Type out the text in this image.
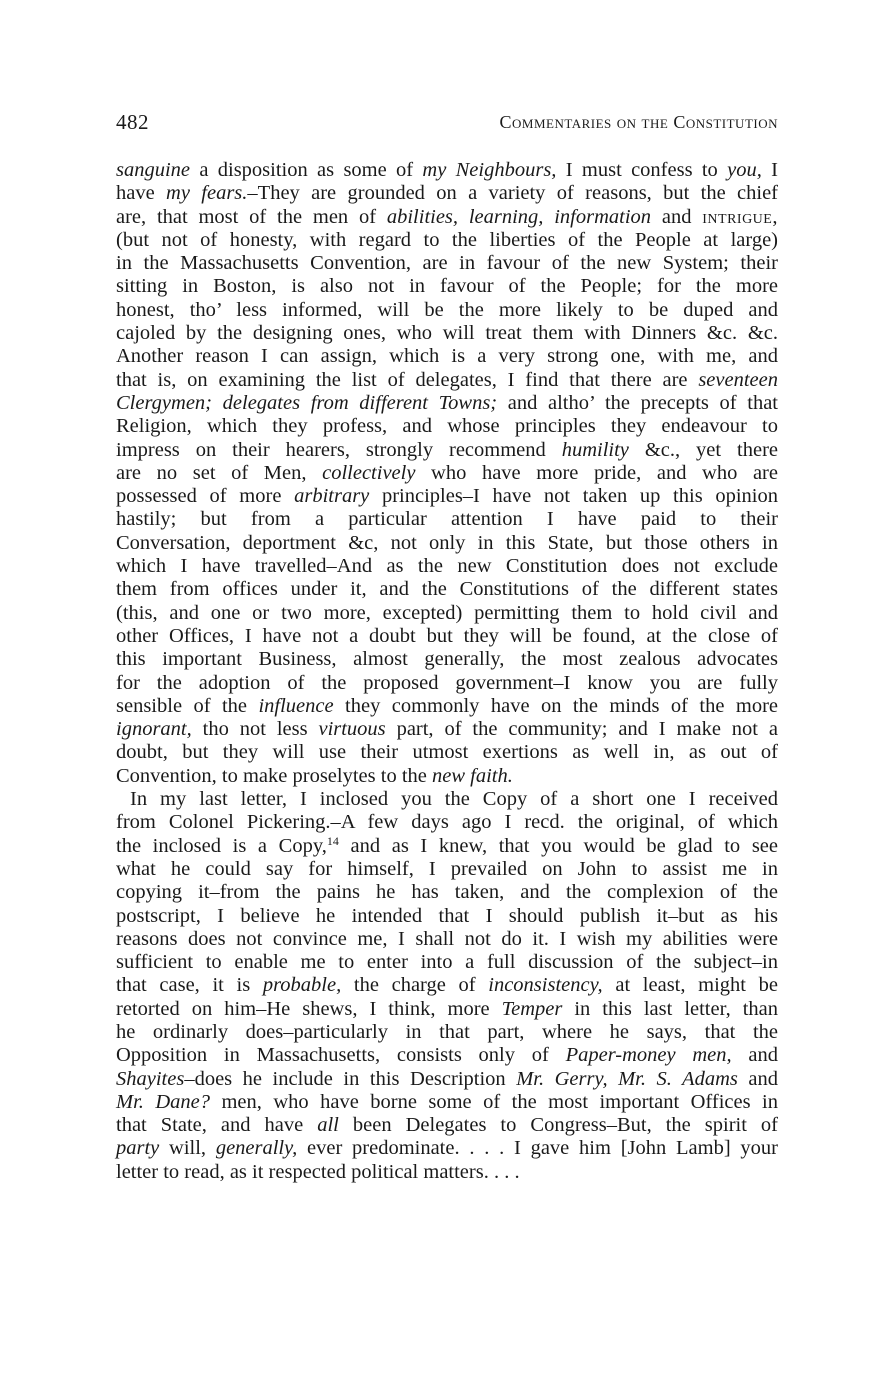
482	Commentaries on the Constitution
sanguine a disposition as some of my Neighbours, I must confess to you, I
have my fears.–They are grounded on a variety of reasons, but the chief
are, that most of the men of abilities, learning, information and intrigue,
(but not of honesty, with regard to the liberties of the People at large)
in the Massachusetts Convention, are in favour of the new System; their
sitting in Boston, is also not in favour of the People; for the more
honest, tho’ less informed, will be the more likely to be duped and
cajoled by the designing ones, who will treat them with Dinners &c. &c.
Another reason I can assign, which is a very strong one, with me, and
that is, on examining the list of delegates, I find that there are seventeen
Clergymen; delegates from different Towns; and altho’ the precepts of that
Religion, which they profess, and whose principles they endeavour to
impress on their hearers, strongly recommend humility &c., yet there
are no set of Men, collectively who have more pride, and who are
possessed of more arbitrary principles–I have not taken up this opinion
hastily; but from a particular attention I have paid to their
Conversation, deportment &c, not only in this State, but those others in
which I have travelled–And as the new Constitution does not exclude
them from offices under it, and the Constitutions of the different states
(this, and one or two more, excepted) permitting them to hold civil and
other Offices, I have not a doubt but they will be found, at the close of
this important Business, almost generally, the most zealous advocates
for the adoption of the proposed government–I know you are fully
sensible of the influence they commonly have on the minds of the more
ignorant, tho not less virtuous part, of the community; and I make not a
doubt, but they will use their utmost exertions as well in, as out of
Convention, to make proselytes to the new faith.
In my last letter, I inclosed you the Copy of a short one I received
from Colonel Pickering.–A few days ago I recd. the original, of which
the inclosed is a Copy,$^{14}$ and as I knew, that you would be glad to see
what he could say for himself, I prevailed on John to assist me in
copying it–from the pains he has taken, and the complexion of the
postscript, I believe he intended that I should publish it–but as his
reasons does not convince me, I shall not do it. I wish my abilities were
sufficient to enable me to enter into a full discussion of the subject–in
that case, it is probable, the charge of inconsistency, at least, might be
retorted on him–He shews, I think, more Temper in this last letter, than
he ordinarly does–particularly in that part, where he says, that the
Opposition in Massachusetts, consists only of Paper-money men, and
Shayites–does he include in this Description Mr. Gerry, Mr. S. Adams and
Mr. Dane? men, who have borne some of the most important Offices in
that State, and have all been Delegates to Congress–But, the spirit of
party will, generally, ever predominate. . . . I gave him [John Lamb] your
letter to read, as it respected political matters. . . .
